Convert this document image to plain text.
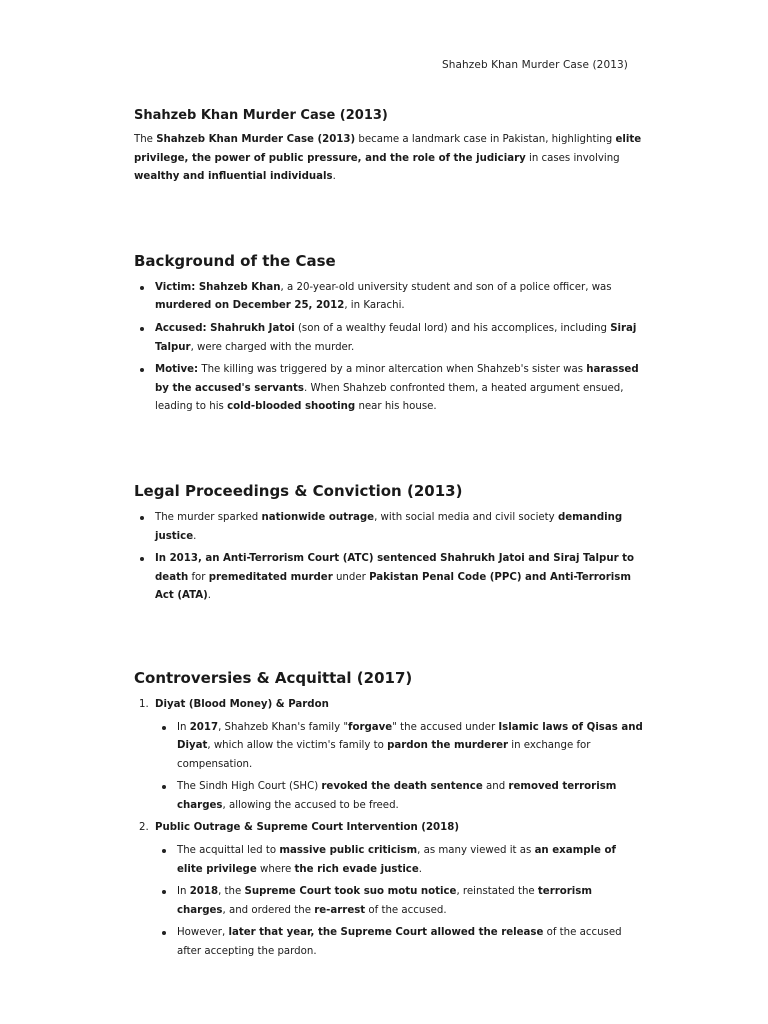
Shahzeb Khan Murder Case (2013)
Shahzeb Khan Murder Case (2013)

The Shahzeb Khan Murder Case (2013) became a landmark case in Pakistan, highlighting elite privilege, the power of public pressure, and the role of the judiciary in cases involving wealthy and influential individuals.

Background of the Case
Victim: Shahzeb Khan, a 20-year-old university student and son of a police officer, was murdered on December 25, 2012, in Karachi.
Accused: Shahrukh Jatoi (son of a wealthy feudal lord) and his accomplices, including Siraj Talpur, were charged with the murder.
Motive: The killing was triggered by a minor altercation when Shahzeb's sister was harassed by the accused's servants. When Shahzeb confronted them, a heated argument ensued, leading to his cold-blooded shooting near his house.
Legal Proceedings & Conviction (2013)
The murder sparked nationwide outrage, with social media and civil society demanding justice.
In 2013, an Anti-Terrorism Court (ATC) sentenced Shahrukh Jatoi and Siraj Talpur to death for premeditated murder under Pakistan Penal Code (PPC) and Anti-Terrorism Act (ATA).
Controversies & Acquittal (2017)
1. Diyat (Blood Money) & Pardon
In 2017, Shahzeb Khan's family "forgave" the accused under Islamic laws of Qisas and Diyat, which allow the victim's family to pardon the murderer in exchange for compensation.
The Sindh High Court (SHC) revoked the death sentence and removed terrorism charges, allowing the accused to be freed.
2. Public Outrage & Supreme Court Intervention (2018)
The acquittal led to massive public criticism, as many viewed it as an example of elite privilege where the rich evade justice.
In 2018, the Supreme Court took suo motu notice, reinstated the terrorism charges, and ordered the re-arrest of the accused.
However, later that year, the Supreme Court allowed the release of the accused after accepting the pardon.
